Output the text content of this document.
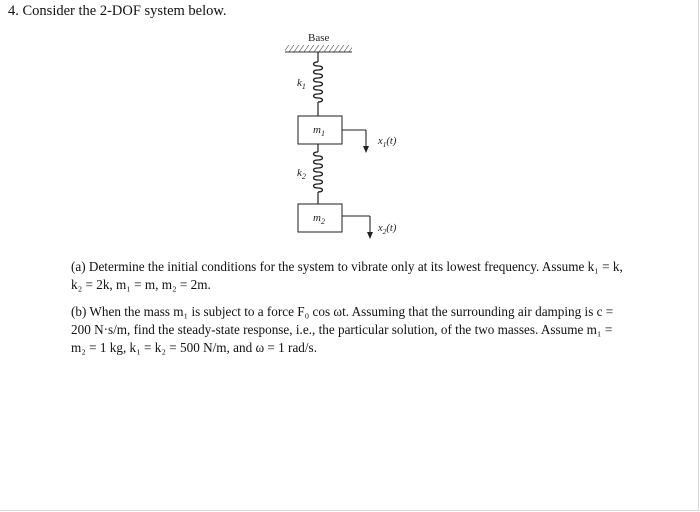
4. Consider the 2-DOF system below.
Base
$k_1$
$m_1$
$x_1(t)$
$k_2$
$m_2$
$x_2(t)$
(a) Determine the initial conditions for the system to vibrate only at its lowest frequency. Assume k₁ = k,
k₂ = 2k, m₁ = m, m₂ = 2m.
(b) When the mass m₁ is subject to a force F₀ cos ωt. Assuming that the surrounding air damping is c =
200 N·s/m, find the steady-state response, i.e., the particular solution, of the two masses. Assume m₁ =
m₂ = 1 kg, k₁ = k₂ = 500 N/m, and ω = 1 rad/s.
